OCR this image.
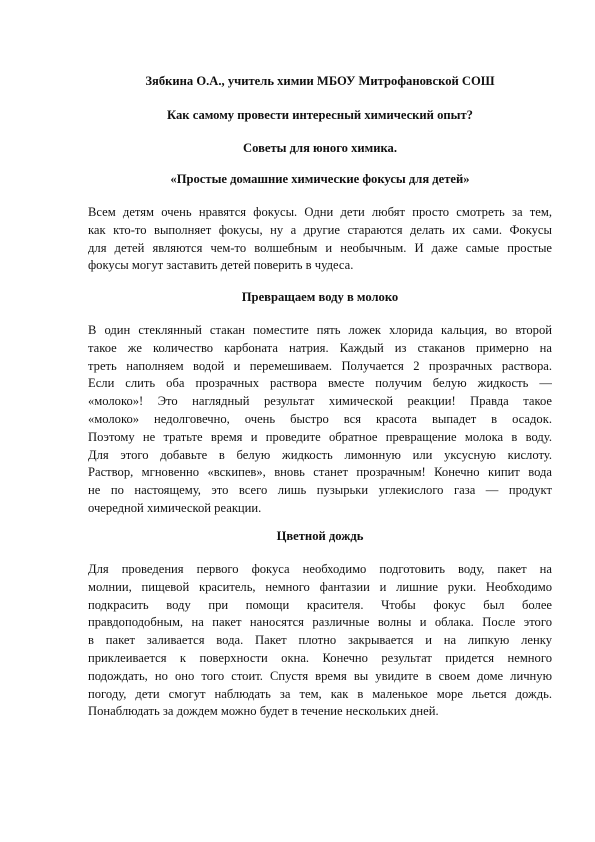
Зябкина О.А., учитель химии МБОУ Митрофановской СОШ
Как самому провести интересный химический опыт?
Советы для юного химика.
«Простые домашние химические фокусы для детей»
Всем детям очень нравятся фокусы. Одни дети любят просто смотреть за тем,
как кто-то выполняет фокусы, ну а другие стараются делать их сами. Фокусы
для детей являются чем-то волшебным и необычным. И даже самые простые
фокусы могут заставить детей поверить в чудеса.
Превращаем воду в молоко
В один стеклянный стакан поместите пять ложек хлорида кальция, во второй
такое же количество карбоната натрия. Каждый из стаканов примерно на
треть наполняем водой и перемешиваем. Получается 2 прозрачных раствора.
Если слить оба прозрачных раствора вместе получим белую жидкость —
«молоко»! Это наглядный результат химической реакции! Правда такое
«молоко» недолговечно, очень быстро вся красота выпадет в осадок.
Поэтому не тратьте время и проведите обратное превращение молока в воду.
Для этого добавьте в белую жидкость лимонную или уксусную кислоту.
Раствор, мгновенно «вскипев», вновь станет прозрачным! Конечно кипит вода
не по настоящему, это всего лишь пузырьки углекислого газа — продукт
очередной химической реакции.
Цветной дождь
Для проведения первого фокуса необходимо подготовить воду, пакет на
молнии, пищевой краситель, немного фантазии и лишние руки. Необходимо
подкрасить воду при помощи красителя. Чтобы фокус был более
правдоподобным, на пакет наносятся различные волны и облака. После этого
в пакет заливается вода. Пакет плотно закрывается и на липкую ленку
приклеивается к поверхности окна. Конечно результат придется немного
подождать, но оно того стоит. Спустя время вы увидите в своем доме личную
погоду, дети смогут наблюдать за тем, как в маленькое море льется дождь.
Понаблюдать за дождем можно будет в течение нескольких дней.
